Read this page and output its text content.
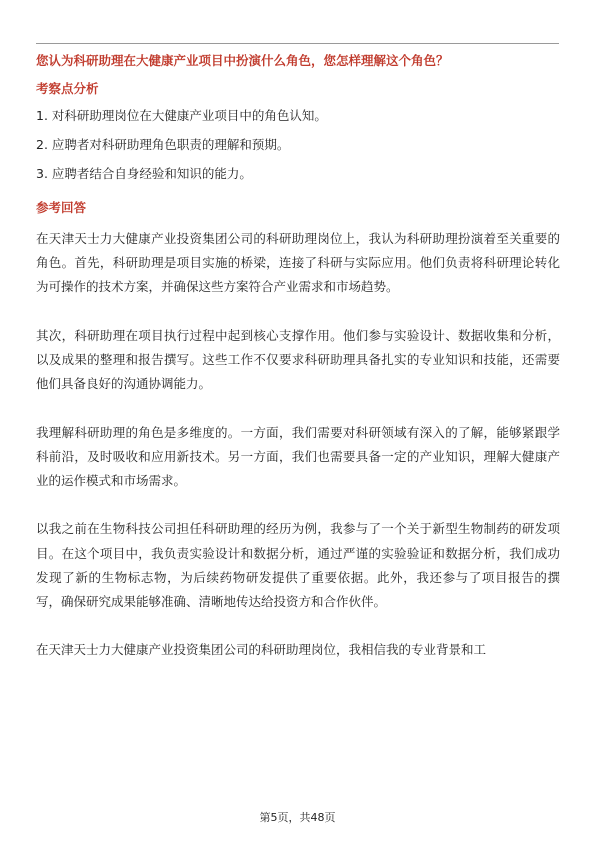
您认为科研助理在大健康产业项目中扮演什么角色，您怎样理解这个角色？
考察点分析
1. 对科研助理岗位在大健康产业项目中的角色认知。
2. 应聘者对科研助理角色职责的理解和预期。
3. 应聘者结合自身经验和知识的能力。
参考回答

在天津天士力大健康产业投资集团公司的科研助理岗位上，我认为科研助理扮演着至关重要的角色。首先，科研助理是项目实施的桥梁，连接了科研与实际应用。他们负责将科研理论转化为可操作的技术方案，并确保这些方案符合产业需求和市场趋势。

其次，科研助理在项目执行过程中起到核心支撑作用。他们参与实验设计、数据收集和分析，以及成果的整理和报告撰写。这些工作不仅要求科研助理具备扎实的专业知识和技能，还需要他们具备良好的沟通协调能力。

我理解科研助理的角色是多维度的。一方面，我们需要对科研领域有深入的了解，能够紧跟学科前沿，及时吸收和应用新技术。另一方面，我们也需要具备一定的产业知识，理解大健康产业的运作模式和市场需求。

以我之前在生物科技公司担任科研助理的经历为例，我参与了一个关于新型生物制药的研发项目。在这个项目中，我负责实验设计和数据分析，通过严谨的实验验证和数据分析，我们成功发现了新的生物标志物，为后续药物研发提供了重要依据。此外，我还参与了项目报告的撰写，确保研究成果能够准确、清晰地传达给投资方和合作伙伴。

在天津天士力大健康产业投资集团公司的科研助理岗位，我相信我的专业背景和工

第5页，共48页
